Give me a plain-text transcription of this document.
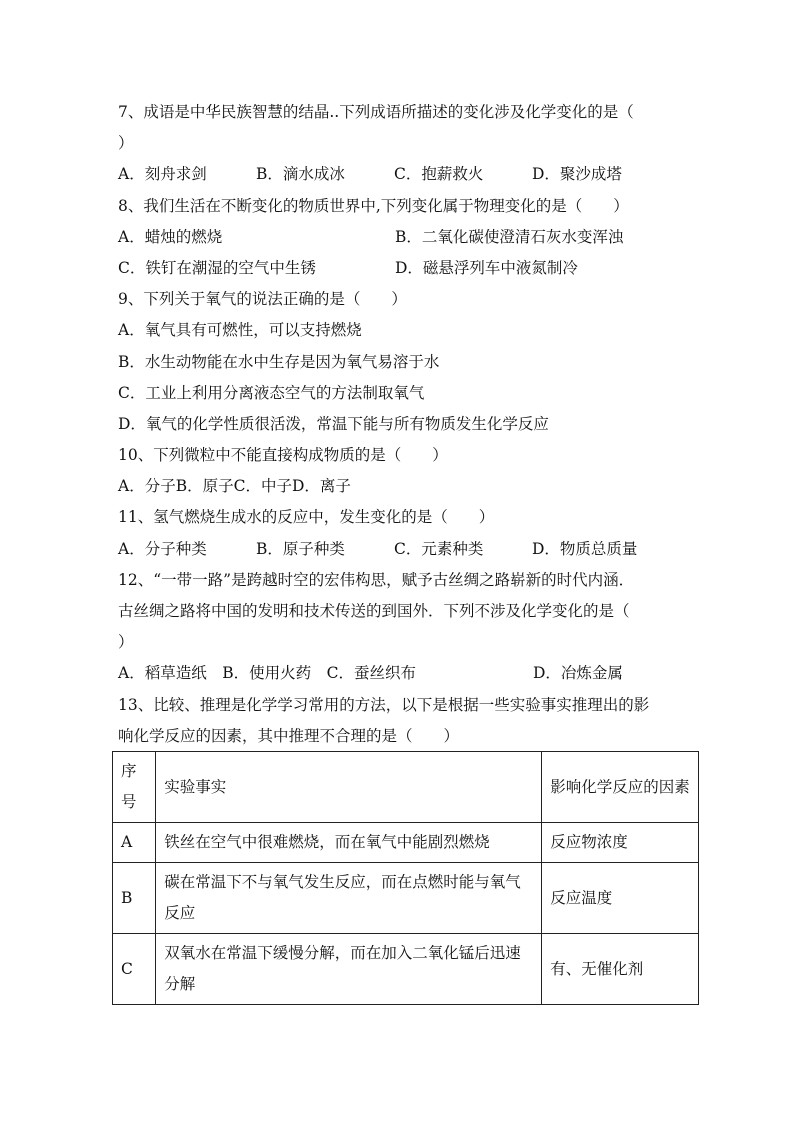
7、成语是中华民族智慧的结晶..下列成语所描述的变化涉及化学变化的是（
）
A．刻舟求剑	B．滴水成冰	C．抱薪救火	D．聚沙成塔
8、我们生活在不断变化的物质世界中,下列变化属于物理变化的是（　　）
A．蜡烛的燃烧	B．二氧化碳使澄清石灰水变浑浊
C．铁钉在潮湿的空气中生锈	D．磁悬浮列车中液氮制冷
9、下列关于氧气的说法正确的是（　　）
A．氧气具有可燃性，可以支持燃烧
B．水生动物能在水中生存是因为氧气易溶于水
C．工业上利用分离液态空气的方法制取氧气
D．氧气的化学性质很活泼，常温下能与所有物质发生化学反应
10、下列微粒中不能直接构成物质的是（　　）
A．分子B．原子C．中子D．离子
11、氢气燃烧生成水的反应中，发生变化的是（　　）
A．分子种类	B．原子种类	C．元素种类	D．物质总质量
12、“一带一路”是跨越时空的宏伟构思，赋予古丝绸之路崭新的时代内涵．
古丝绸之路将中国的发明和技术传送的到国外．下列不涉及化学变化的是（
）
A．稻草造纸　B．使用火药　C．蚕丝织布	D．冶炼金属
13、比较、推理是化学学习常用的方法，以下是根据一些实验事实推理出的影
响化学反应的因素，其中推理不合理的是（　　）
序号	实验事实	影响化学反应的因素
A	铁丝在空气中很难燃烧，而在氧气中能剧烈燃烧	反应物浓度
B	碳在常温下不与氧气发生反应，而在点燃时能与氧气反应	反应温度
C	双氧水在常温下缓慢分解，而在加入二氧化锰后迅速分解	有、无催化剂
